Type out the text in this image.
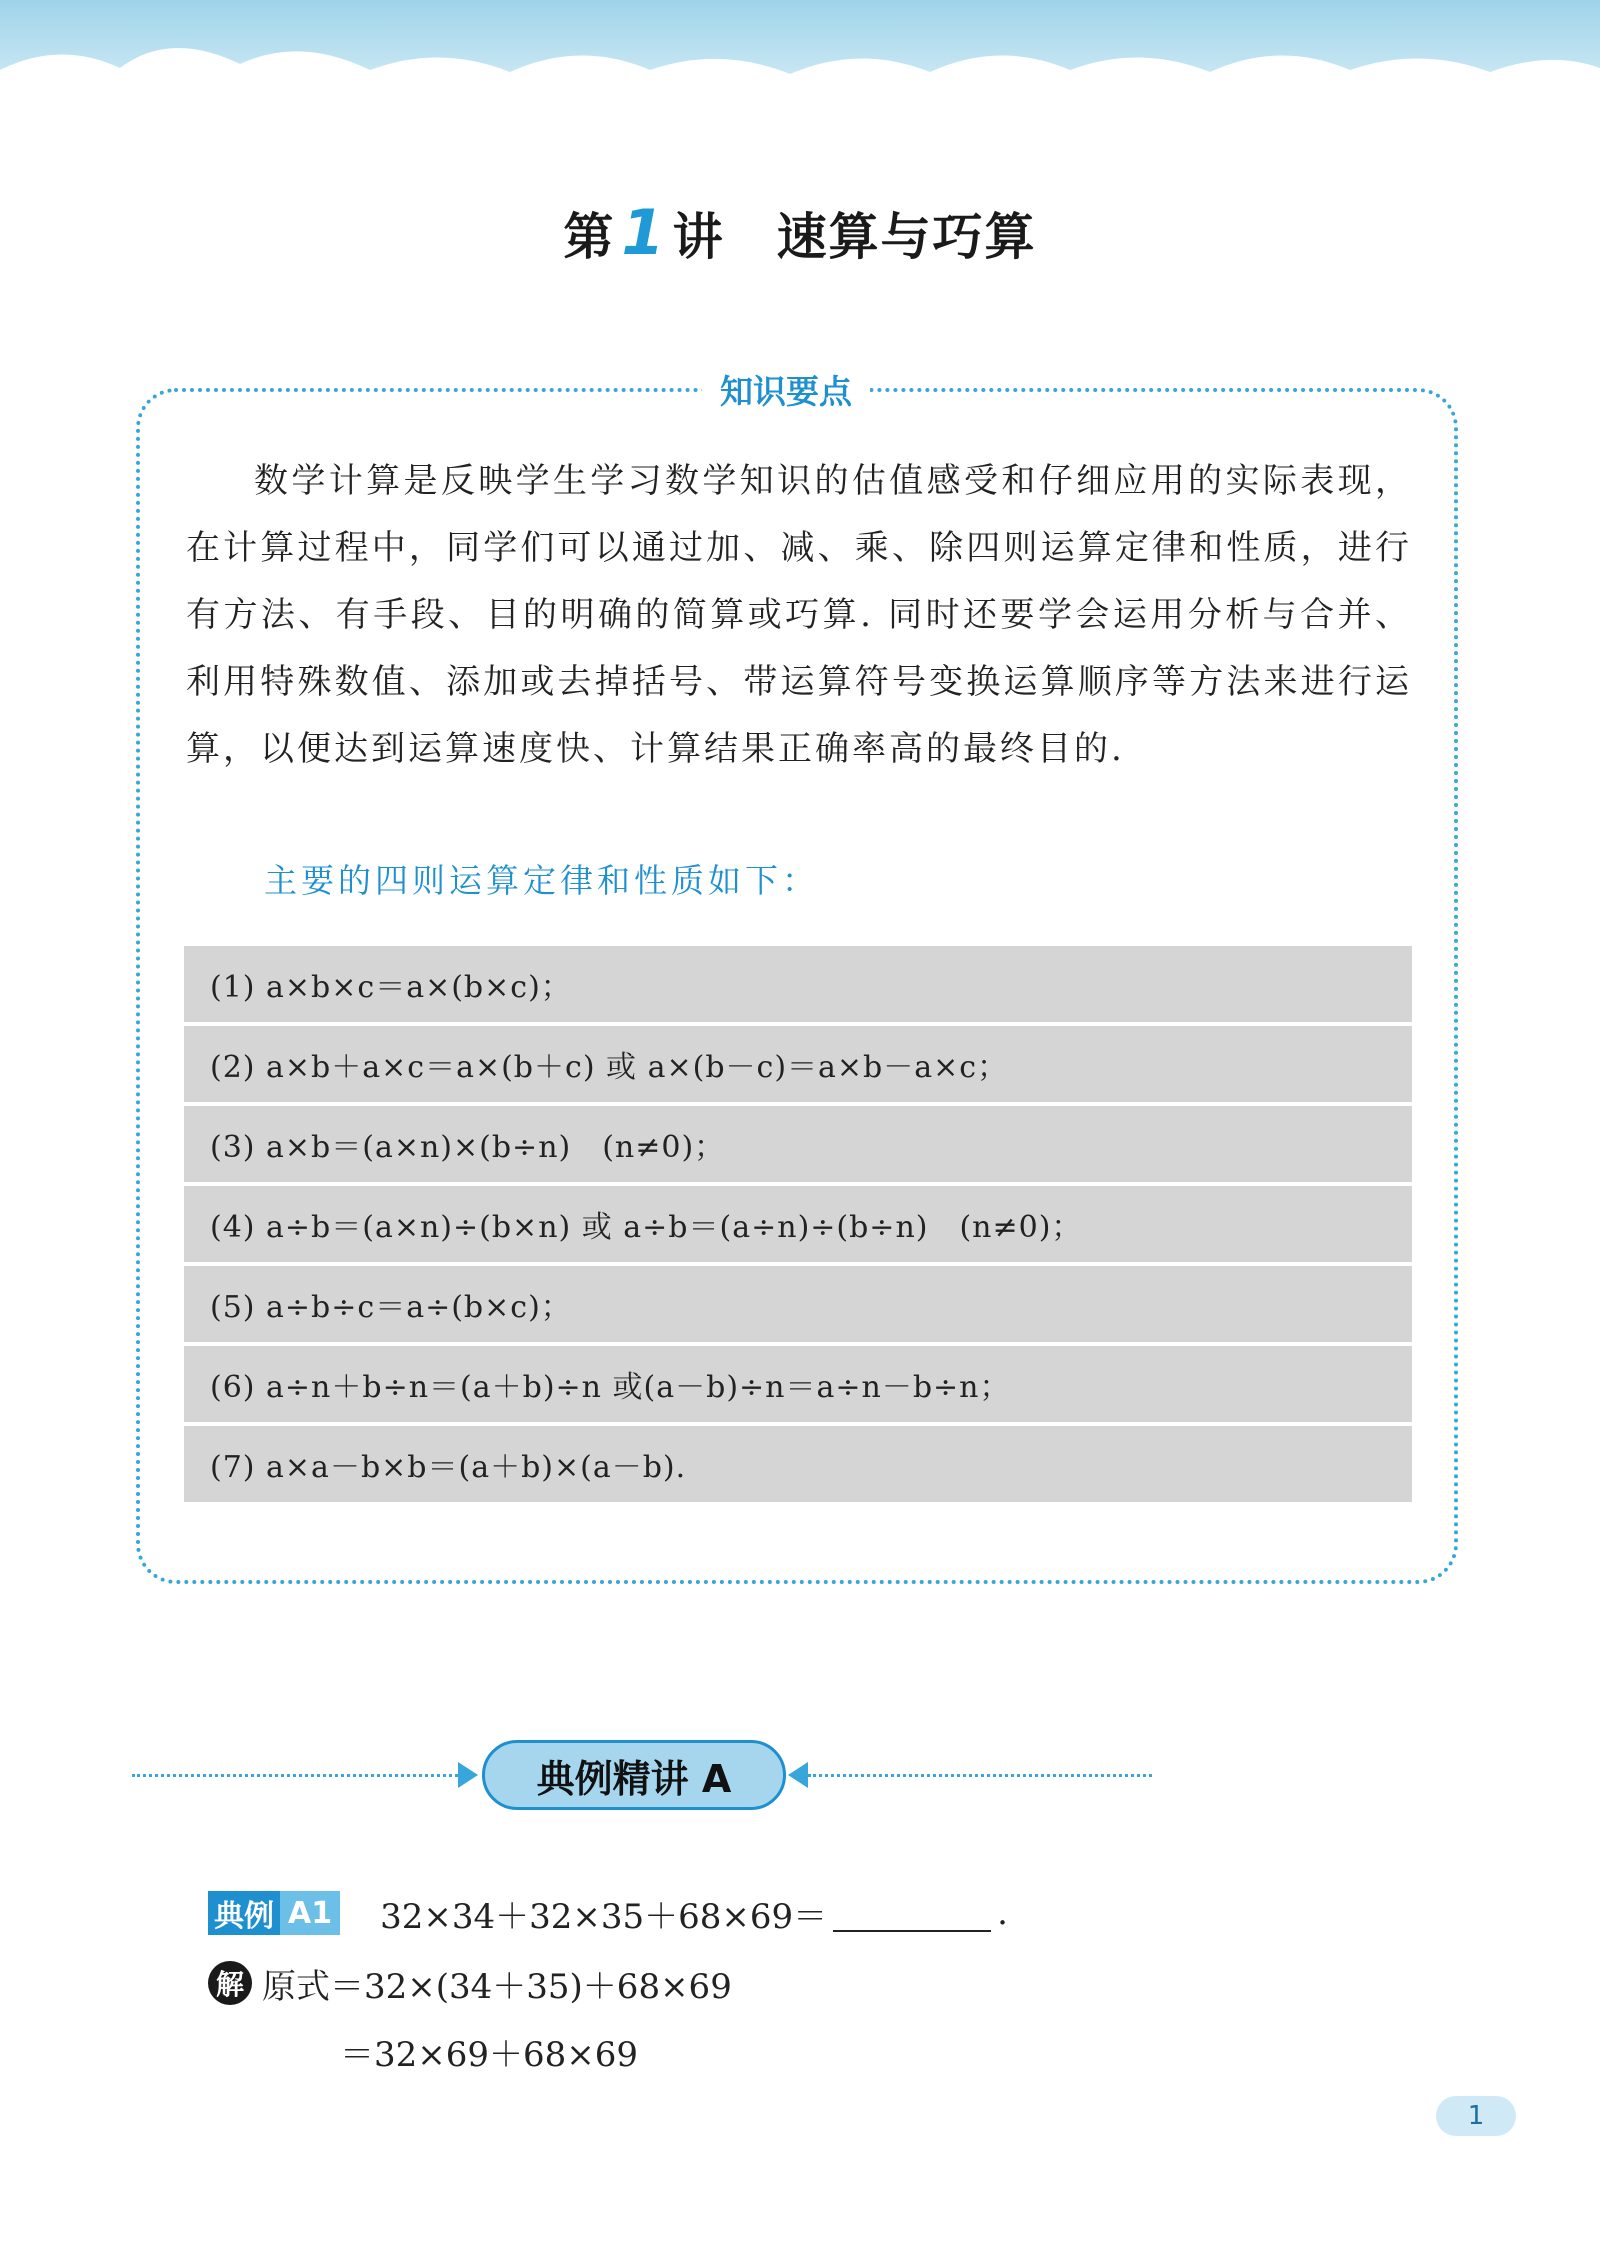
第1 讲 速算与巧算
知识要点
数学计算是反映学生学习数学知识的估值感受和仔细应用的实际表现，在计算过程中，同学们可以通过加、减、乘、除四则运算定律和性质，进行有方法、有手段、目的明确的简算或巧算. 同时还要学会运用分析与合并、利用特殊数值、添加或去掉括号、带运算符号变换运算顺序等方法来进行运算，以便达到运算速度快、计算结果正确率高的最终目的.
主要的四则运算定律和性质如下：
(1) a×b×c＝a×(b×c)；
(2) a×b＋a×c＝a×(b＋c) 或 a×(b－c)＝a×b－a×c；
(3) a×b＝(a×n)×(b÷n)　(n≠0)；
(4) a÷b＝(a×n)÷(b×n) 或 a÷b＝(a÷n)÷(b÷n)　(n≠0)；
(5) a÷b÷c＝a÷(b×c)；
(6) a÷n＋b÷n＝(a＋b)÷n 或(a－b)÷n＝a÷n－b÷n；
(7) a×a－b×b＝(a＋b)×(a－b).
典例精讲 A
典例 A1 32×34＋32×35＋68×69＝	.
解 原式＝32×(34＋35)＋68×69
＝32×69＋68×69
1
